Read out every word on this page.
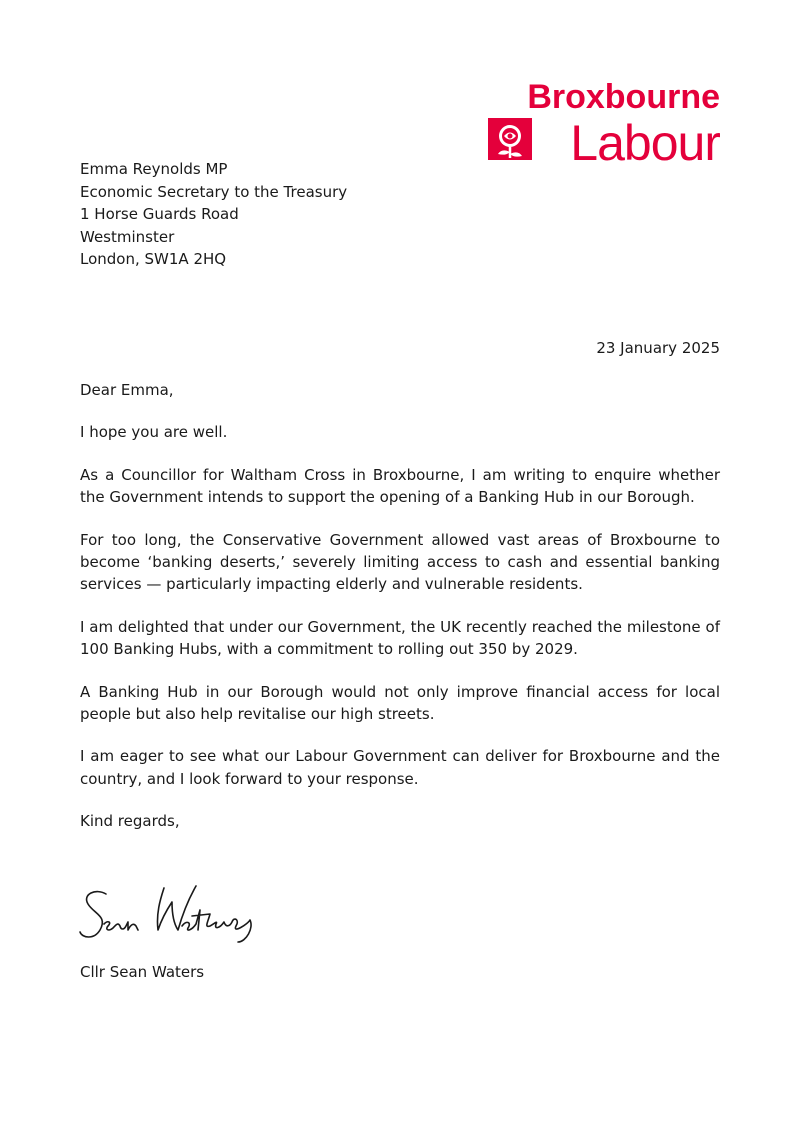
Broxbourne
Labour
Emma Reynolds MP
Economic Secretary to the Treasury
1 Horse Guards Road
Westminster
London, SW1A 2HQ
23 January 2025

Dear Emma,

I hope you are well.

As a Councillor for Waltham Cross in Broxbourne, I am writing to enquire whether the Government intends to support the opening of a Banking Hub in our Borough.

For too long, the Conservative Government allowed vast areas of Broxbourne to become ‘banking deserts,’ severely limiting access to cash and essential banking services — particularly impacting elderly and vulnerable residents.

I am delighted that under our Government, the UK recently reached the milestone of 100 Banking Hubs, with a commitment to rolling out 350 by 2029.

A Banking Hub in our Borough would not only improve financial access for local people but also help revitalise our high streets.

I am eager to see what our Labour Government can deliver for Broxbourne and the country, and I look forward to your response.

Kind regards,

Cllr Sean Waters
